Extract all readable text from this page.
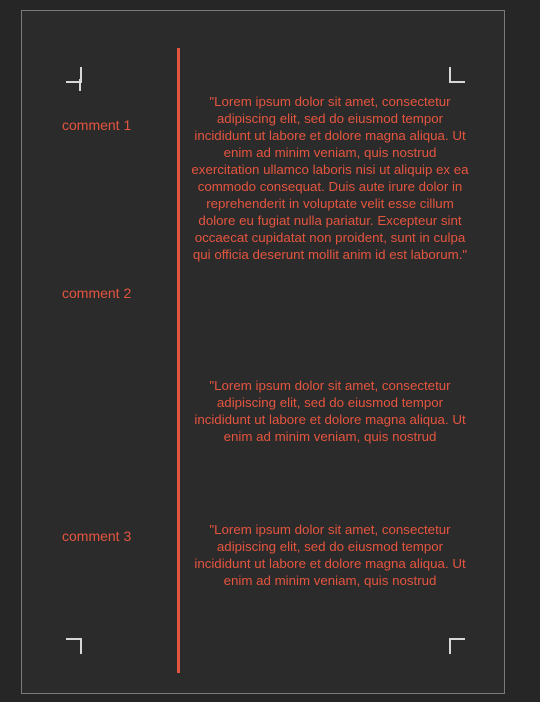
comment 1
comment 2
comment 3
"Lorem ipsum dolor sit amet, consectetur adipiscing elit, sed do eiusmod tempor incididunt ut labore et dolore magna aliqua. Ut enim ad minim veniam, quis nostrud exercitation ullamco laboris nisi ut aliquip ex ea commodo consequat. Duis aute irure dolor in reprehenderit in voluptate velit esse cillum dolore eu fugiat nulla pariatur. Excepteur sint occaecat cupidatat non proident, sunt in culpa qui officia deserunt mollit anim id est laborum."
"Lorem ipsum dolor sit amet, consectetur adipiscing elit, sed do eiusmod tempor incididunt ut labore et dolore magna aliqua. Ut enim ad minim veniam, quis nostrud
"Lorem ipsum dolor sit amet, consectetur adipiscing elit, sed do eiusmod tempor incididunt ut labore et dolore magna aliqua. Ut enim ad minim veniam, quis nostrud
